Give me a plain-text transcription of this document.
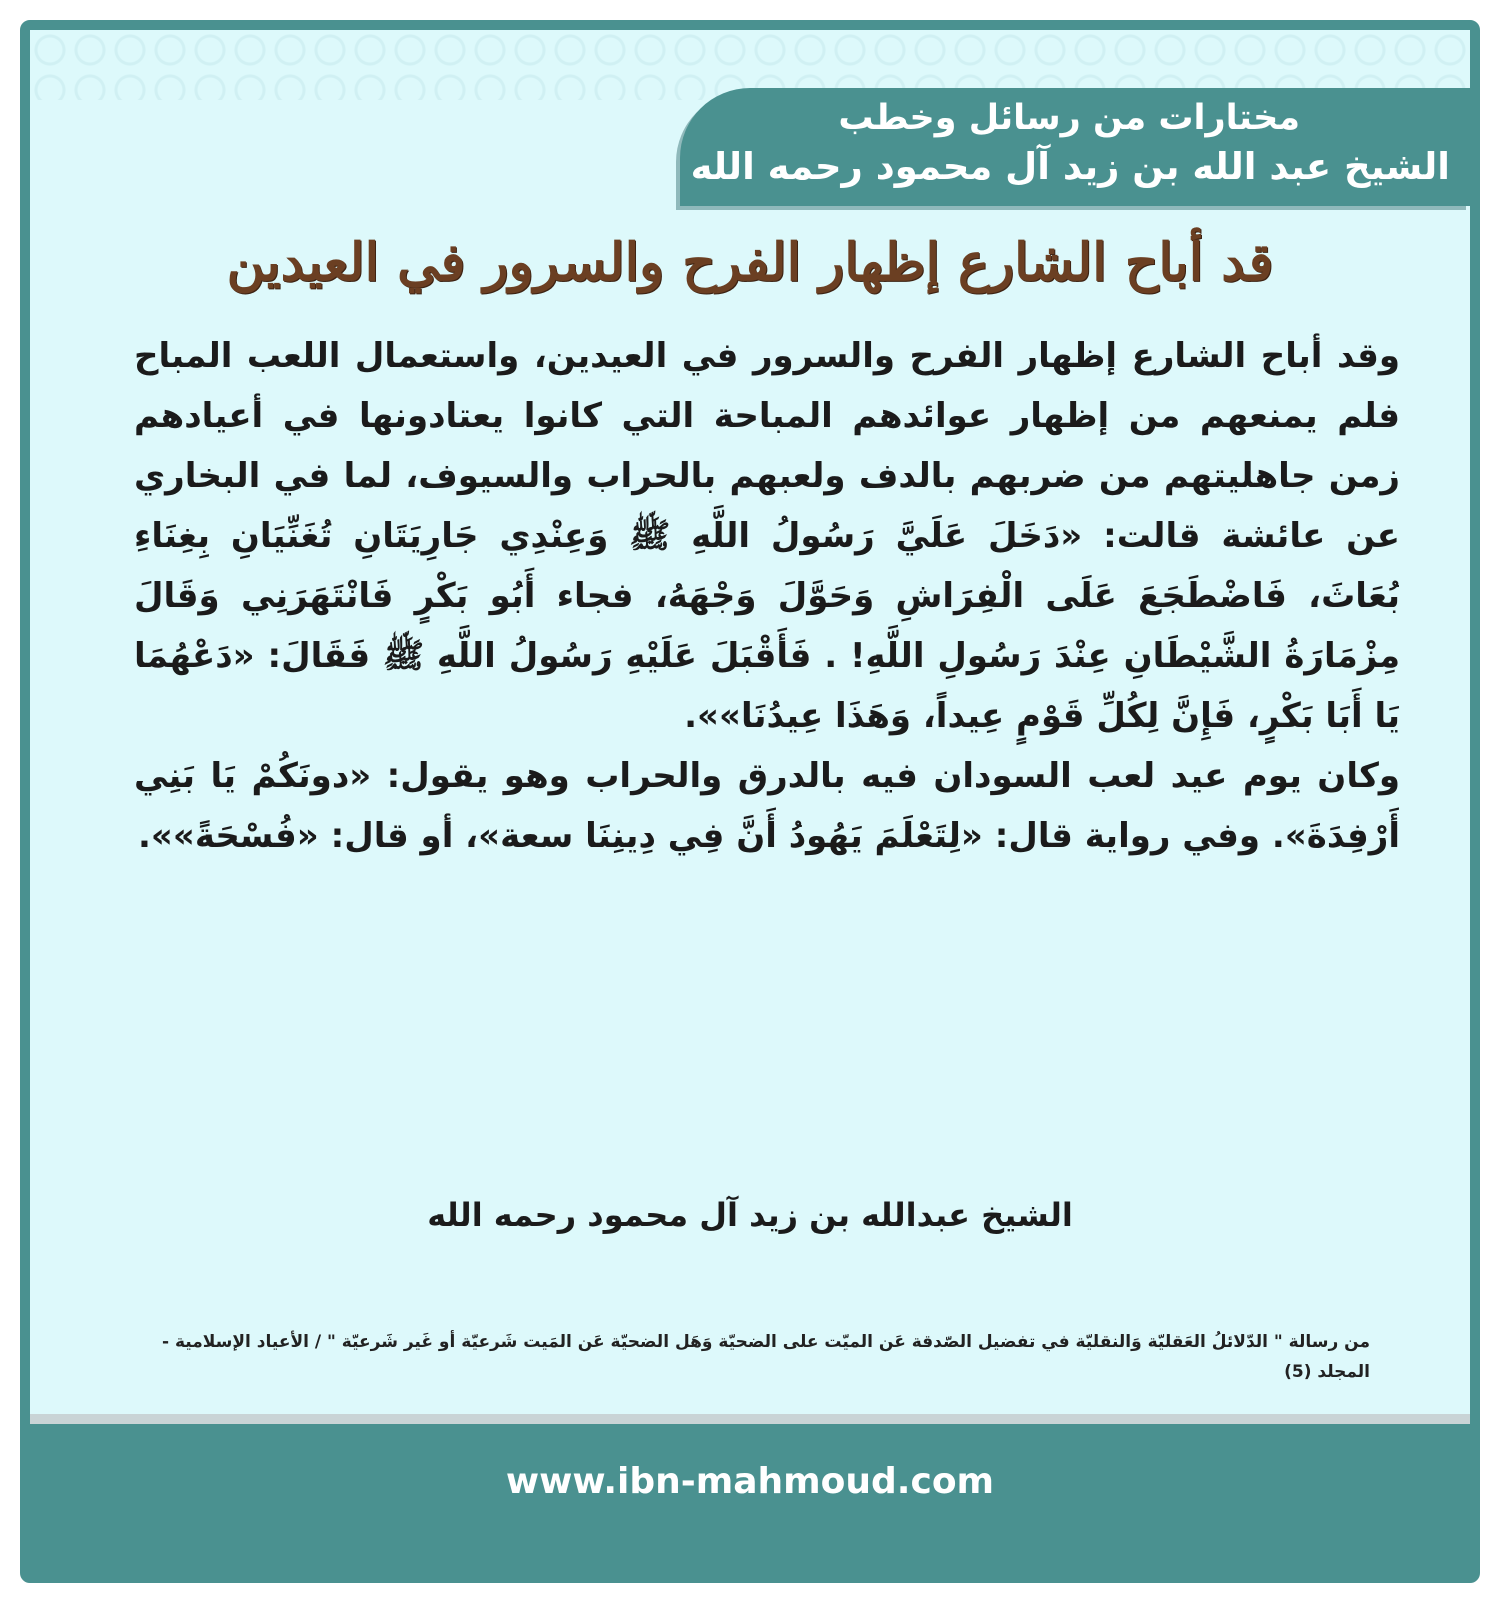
مختارات من رسائل وخطب
الشيخ عبد الله بن زيد آل محمود رحمه الله
قد أباح الشارع إظهار الفرح والسرور في العيدين

وقد أباح الشارع إظهار الفرح والسرور في العيدين، واستعمال اللعب المباح فلم يمنعهم من إظهار عوائدهم المباحة التي كانوا يعتادونها في أعيادهم زمن جاهليتهم من ضربهم بالدف ولعبهم بالحراب والسيوف، لما في البخاري عن عائشة قالت: «دَخَلَ عَلَيَّ رَسُولُ اللَّهِ ﷺ وَعِنْدِي جَارِيَتَانِ تُغَنِّيَانِ بِغِنَاءِ بُعَاثَ، فَاضْطَجَعَ عَلَى الْفِرَاشِ وَحَوَّلَ وَجْهَهُ، فجاء أَبُو بَكْرٍ فَانْتَهَرَنِي وَقَالَ مِزْمَارَةُ الشَّيْطَانِ عِنْدَ رَسُولِ اللَّهِ! . فَأَقْبَلَ عَلَيْهِ رَسُولُ اللَّهِ ﷺ فَقَالَ: «دَعْهُمَا يَا أَبَا بَكْرٍ، فَإِنَّ لِكُلِّ قَوْمٍ عِيداً، وَهَذَا عِيدُنَا»».

وكان يوم عيد لعب السودان فيه بالدرق والحراب وهو يقول: «دونَكُمْ يَا بَنِي أَرْفِدَةَ». وفي رواية قال: «لِتَعْلَمَ يَهُودُ أَنَّ فِي دِينِنَا سعة»، أو قال: «فُسْحَةً»».

الشيخ عبدالله بن زيد آل محمود رحمه الله
من رسالة " الدّلائلُ العَقليّة وَالنقليّة في تفضيل الصّدقة عَن الميّت على الضحيّة وَهَل الضحيّة عَن المَيت شَرعيّة أو غَير شَرعيّة " / الأعياد الإسلامية - المجلد (5)
www.ibn-mahmoud.com
